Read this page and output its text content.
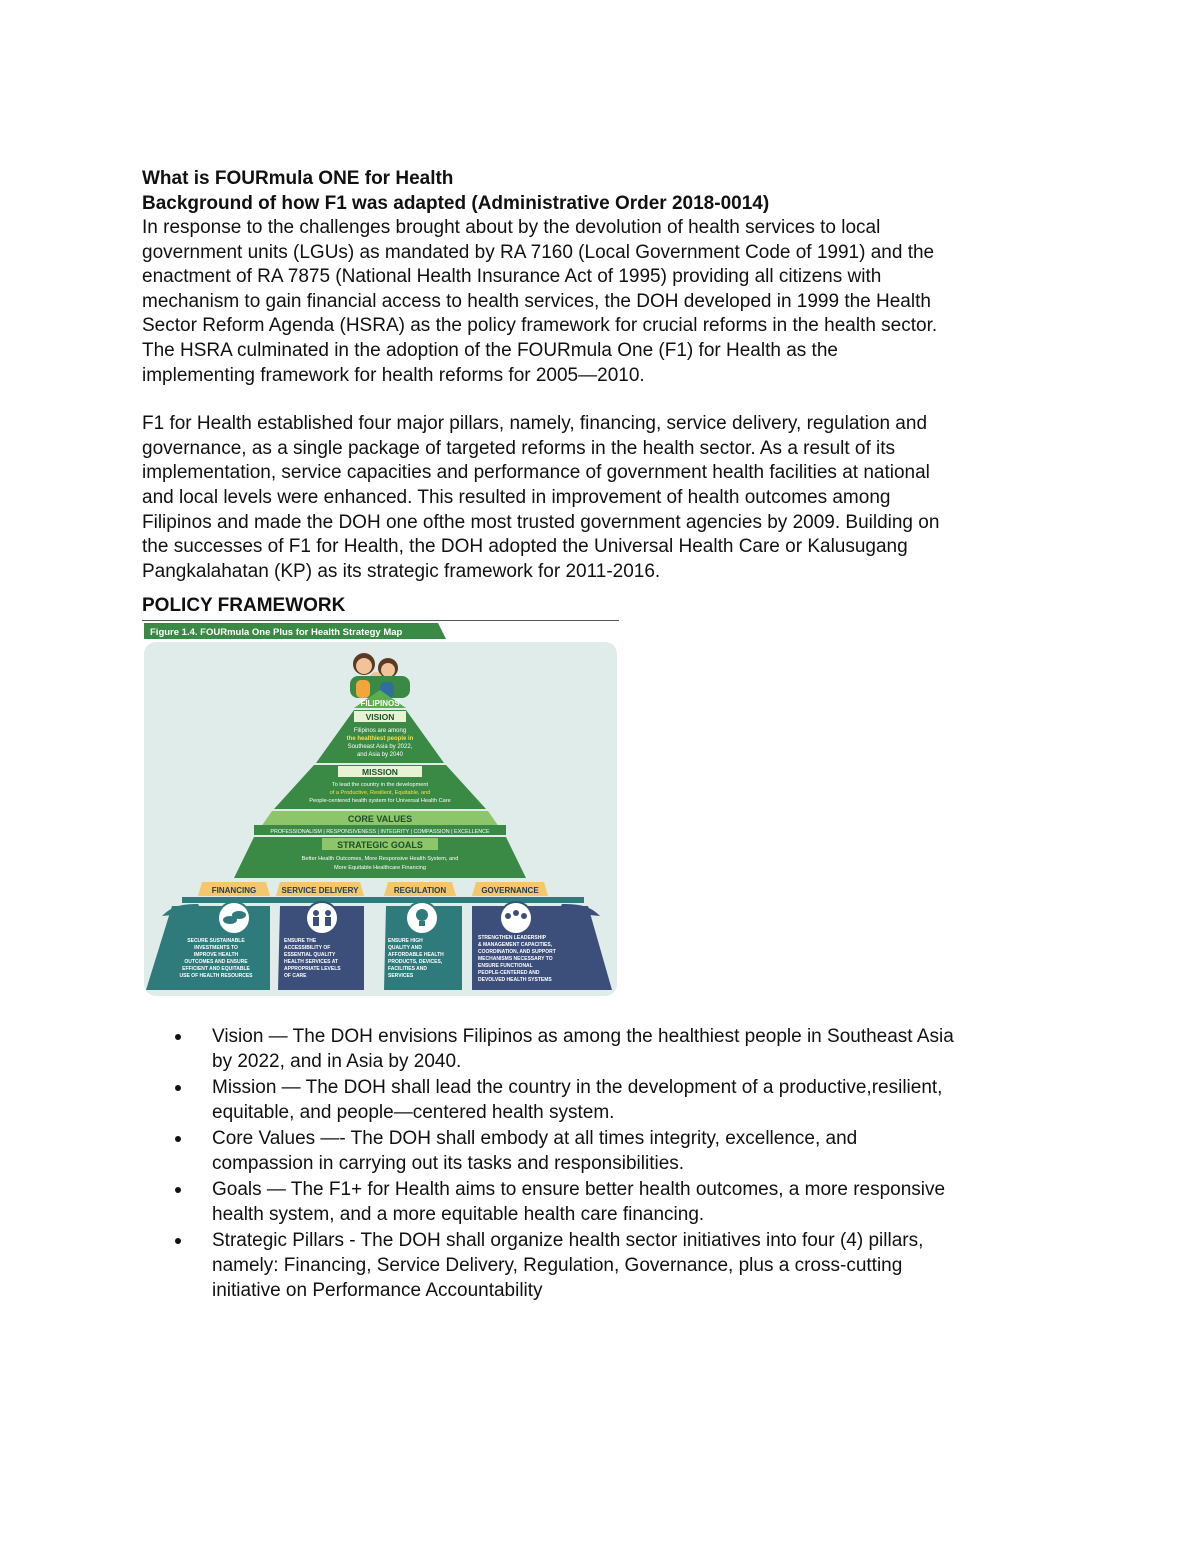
What is FOURmula ONE for Health

Background of how F1 was adapted (Administrative Order 2018-0014)

In response to the challenges brought about by the devolution of health services to local

government units (LGUs) as mandated by RA 7160 (Local Government Code of 1991) and the

enactment of RA 7875 (National Health Insurance Act of 1995) providing all citizens with

mechanism to gain financial access to health services, the DOH developed in 1999 the Health

Sector Reform Agenda (HSRA) as the policy framework for crucial reforms in the health sector.

The HSRA culminated in the adoption of the FOURmula One (F1) for Health as the

implementing framework for health reforms for 2005—2010.

F1 for Health established four major pillars, namely, financing, service delivery, regulation and

governance, as a single package of targeted reforms in the health sector. As a result of its

implementation, service capacities and performance of government health facilities at national

and local levels were enhanced. This resulted in improvement of health outcomes among

Filipinos and made the DOH one ofthe most trusted government agencies by 2009. Building on

the successes of F1 for Health, the DOH adopted the Universal Health Care or Kalusugang

Pangkalahatan (KP) as its strategic framework for 2011-2016.

POLICY FRAMEWORK

Figure 1.4. FOURmula One Plus for Health Strategy Map
FILIPINOS
VISION
Filipinos are among
the healthiest people in
Southeast Asia by 2022,
and Asia by 2040
MISSION
To lead the country in the development
of a Productive, Resilient, Equitable, and
People-centered health system for Universal Health Care
CORE VALUES
PROFESSIONALISM | RESPONSIVENESS | INTEGRITY | COMPASSION | EXCELLENCE
STRATEGIC GOALS
Better Health Outcomes, More Responsive Health System, and
More Equitable Healthcare Financing
FINANCING	SERVICE DELIVERY	REGULATION	GOVERNANCE
SECURE SUSTAINABLE
INVESTMENTS TO
IMPROVE HEALTH
OUTCOMES AND ENSURE
EFFICIENT AND EQUITABLE
USE OF HEALTH RESOURCES
ENSURE THE
ACCESSIBILITY OF
ESSENTIAL QUALITY
HEALTH SERVICES AT
APPROPRIATE LEVELS
OF CARE
ENSURE HIGH
QUALITY AND
AFFORDABLE HEALTH
PRODUCTS, DEVICES,
FACILITIES AND
SERVICES
STRENGTHEN LEADERSHIP
& MANAGEMENT CAPACITIES,
COORDINATION, AND SUPPORT
MECHANISMS NECESSARY TO
ENSURE FUNCTIONAL
PEOPLE-CENTERED AND
DEVOLVED HEALTH SYSTEMS
Vision — The DOH envisions Filipinos as among the healthiest people in Southeast Asia
by 2022, and in Asia by 2040.
Mission — The DOH shall lead the country in the development of a productive,resilient,
equitable, and people—centered health system.
Core Values —- The DOH shall embody at all times integrity, excellence, and
compassion in carrying out its tasks and responsibilities.
Goals — The F1+ for Health aims to ensure better health outcomes, a more responsive
health system, and a more equitable health care financing.
Strategic Pillars - The DOH shall organize health sector initiatives into four (4) pillars,
namely: Financing, Service Delivery, Regulation, Governance, plus a cross-cutting
initiative on Performance Accountability
